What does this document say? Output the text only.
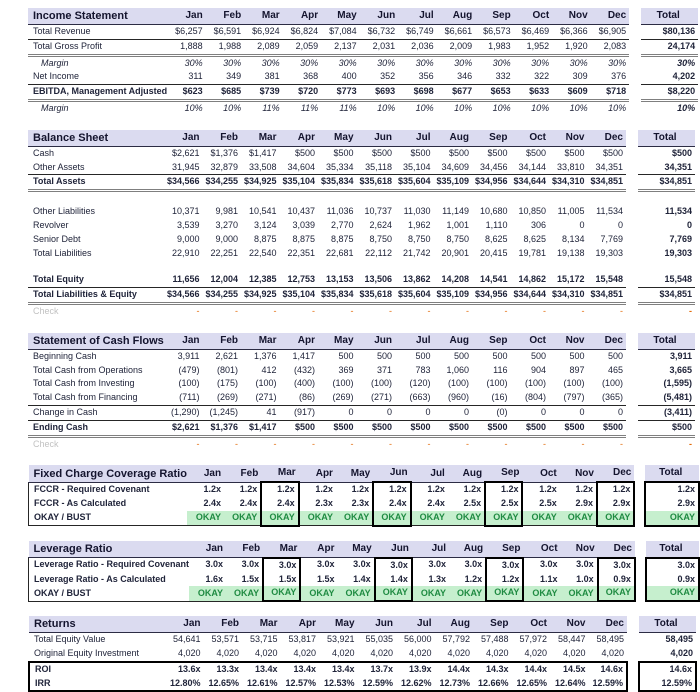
Income Statement	Jan	Feb	Mar	Apr	May	Jun	Jul	Aug	Sep	Oct	Nov	Dec		Total
Total Revenue	$6,257	$6,591	$6,924	$6,824	$7,084	$6,732	$6,749	$6,661	$6,573	$6,469	$6,366	$6,905		$80,136
Total Gross Profit	1,888	1,988	2,089	2,059	2,137	2,031	2,036	2,009	1,983	1,952	1,920	2,083		24,174
Margin	30%	30%	30%	30%	30%	30%	30%	30%	30%	30%	30%	30%		30%
Net Income	311	349	381	368	400	352	356	346	332	322	309	376		4,202
EBITDA, Management Adjusted	$623	$685	$739	$720	$773	$693	$698	$677	$653	$633	$609	$718		$8,220
Margin	10%	10%	11%	11%	11%	10%	10%	10%	10%	10%	10%	10%		10%
Balance Sheet	Jan	Feb	Mar	Apr	May	Jun	Jul	Aug	Sep	Oct	Nov	Dec		Total
Cash	$2,621	$1,376	$1,417	$500	$500	$500	$500	$500	$500	$500	$500	$500		$500
Other Assets	31,945	32,879	33,508	34,604	35,334	35,118	35,104	34,609	34,456	34,144	33,810	34,351		34,351
Total Assets	$34,566	$34,255	$34,925	$35,104	$35,834	$35,618	$35,604	$35,109	$34,956	$34,644	$34,310	$34,851		$34,851

Other Liabilities	10,371	9,981	10,541	10,437	11,036	10,737	11,030	11,149	10,680	10,850	11,005	11,534		11,534
Revolver	3,539	3,270	3,124	3,039	2,770	2,624	1,962	1,001	1,110	306	0	0		0
Senior Debt	9,000	9,000	8,875	8,875	8,875	8,750	8,750	8,750	8,625	8,625	8,134	7,769		7,769
Total Liabilities	22,910	22,251	22,540	22,351	22,681	22,112	21,742	20,901	20,415	19,781	19,138	19,303		19,303

Total Equity	11,656	12,004	12,385	12,753	13,153	13,506	13,862	14,208	14,541	14,862	15,172	15,548		15,548
Total Liabilities & Equity	$34,566	$34,255	$34,925	$35,104	$35,834	$35,618	$35,604	$35,109	$34,956	$34,644	$34,310	$34,851		$34,851
Check	-	-	-	-	-	-	-	-	-	-	-	-		-
Statement of Cash Flows	Jan	Feb	Mar	Apr	May	Jun	Jul	Aug	Sep	Oct	Nov	Dec		Total
Beginning Cash	3,911	2,621	1,376	1,417	500	500	500	500	500	500	500	500		3,911
Total Cash from Operations	(479)	(801)	412	(432)	369	371	783	1,060	116	904	897	465		3,665
Total Cash from Investing	(100)	(175)	(100)	(400)	(100)	(100)	(120)	(100)	(100)	(100)	(100)	(100)		(1,595)
Total Cash from Financing	(711)	(269)	(271)	(86)	(269)	(271)	(663)	(960)	(16)	(804)	(797)	(365)		(5,481)
Change in Cash	(1,290)	(1,245)	41	(917)	0	0	0	0	(0)	0	0	0		(3,411)
Ending Cash	$2,621	$1,376	$1,417	$500	$500	$500	$500	$500	$500	$500	$500	$500		$500
Check	-	-	-	-	-	-	-	-	-	-	-	-		-
Fixed Charge Coverage Ratio	Jan	Feb	Mar	Apr	May	Jun	Jul	Aug	Sep	Oct	Nov	Dec		Total
FCCR - Required Covenant	1.2x	1.2x	1.2x	1.2x	1.2x	1.2x	1.2x	1.2x	1.2x	1.2x	1.2x	1.2x		1.2x
FCCR - As Calculated	2.4x	2.4x	2.4x	2.3x	2.3x	2.4x	2.4x	2.5x	2.5x	2.5x	2.9x	2.9x		2.9x
OKAY / BUST	OKAY	OKAY	OKAY	OKAY	OKAY	OKAY	OKAY	OKAY	OKAY	OKAY	OKAY	OKAY		OKAY
Leverage Ratio	Jan	Feb	Mar	Apr	May	Jun	Jul	Aug	Sep	Oct	Nov	Dec		Total
Leverage Ratio - Required Covenant	3.0x	3.0x	3.0x	3.0x	3.0x	3.0x	3.0x	3.0x	3.0x	3.0x	3.0x	3.0x		3.0x
Leverage Ratio - As Calculated	1.6x	1.5x	1.5x	1.5x	1.4x	1.4x	1.3x	1.2x	1.2x	1.1x	1.0x	0.9x		0.9x
OKAY / BUST	OKAY	OKAY	OKAY	OKAY	OKAY	OKAY	OKAY	OKAY	OKAY	OKAY	OKAY	OKAY		OKAY
Returns	Jan	Feb	Mar	Apr	May	Jun	Jul	Aug	Sep	Oct	Nov	Dec		Total
Total Equity Value	54,641	53,571	53,715	53,817	53,921	55,035	56,000	57,792	57,488	57,972	58,447	58,495		58,495
Original Equity Investment	4,020	4,020	4,020	4,020	4,020	4,020	4,020	4,020	4,020	4,020	4,020	4,020		4,020
ROI	13.6x	13.3x	13.4x	13.4x	13.4x	13.7x	13.9x	14.4x	14.3x	14.4x	14.5x	14.6x		14.6x
IRR	12.80%	12.65%	12.61%	12.57%	12.53%	12.59%	12.62%	12.73%	12.66%	12.65%	12.64%	12.59%		12.59%
